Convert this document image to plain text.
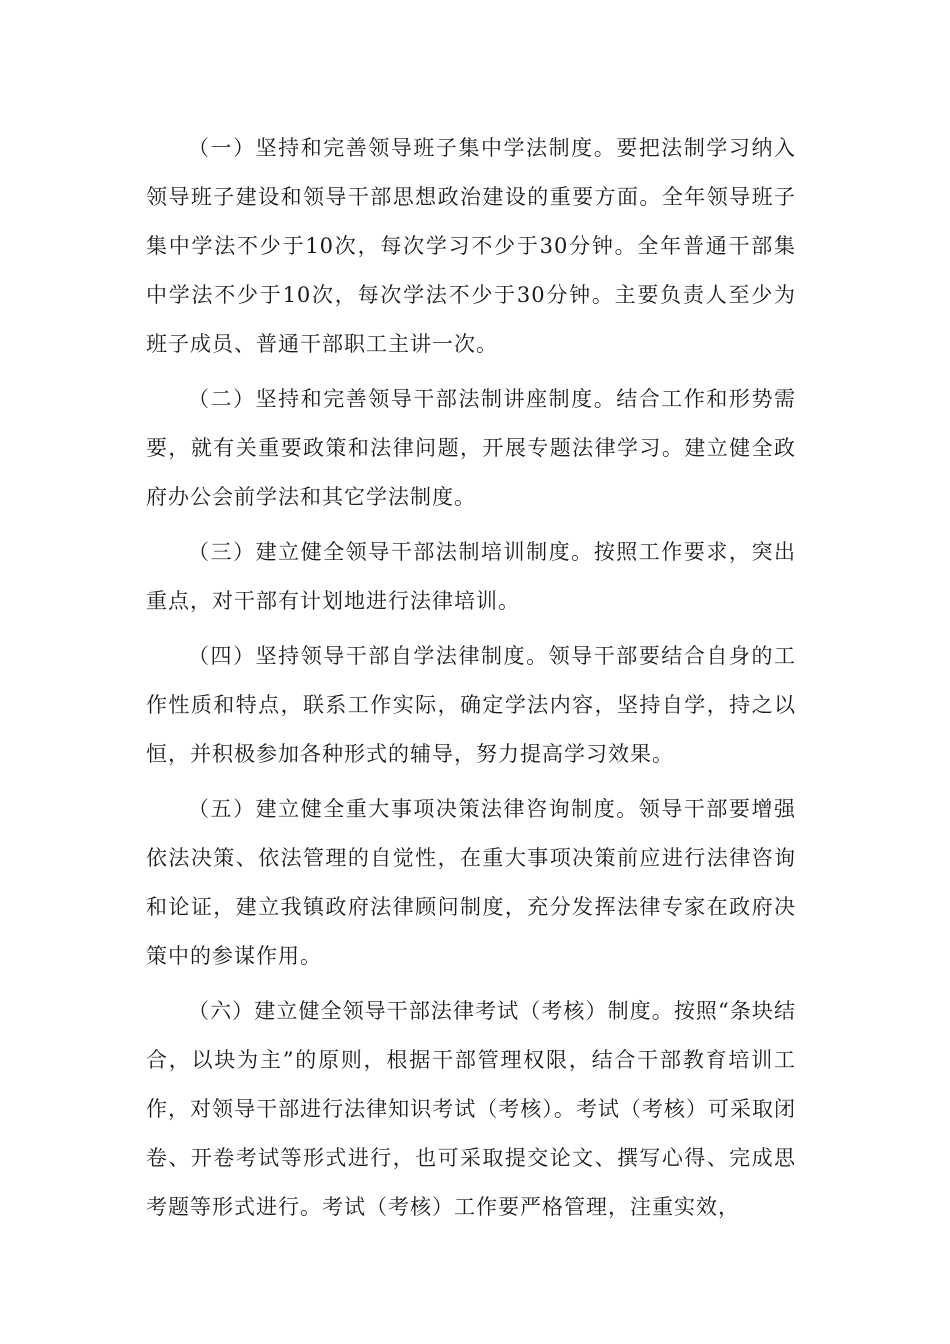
（一）坚持和完善领导班子集中学法制度。要把法制学习纳入领导班子建设和领导干部思想政治建设的重要方面。全年领导班子集中学法不少于10次，每次学习不少于30分钟。全年普通干部集中学法不少于10次，每次学法不少于30分钟。主要负责人至少为班子成员、普通干部职工主讲一次。

（二）坚持和完善领导干部法制讲座制度。结合工作和形势需要，就有关重要政策和法律问题，开展专题法律学习。建立健全政府办公会前学法和其它学法制度。

（三）建立健全领导干部法制培训制度。按照工作要求，突出重点，对干部有计划地进行法律培训。

（四）坚持领导干部自学法律制度。领导干部要结合自身的工作性质和特点，联系工作实际，确定学法内容，坚持自学，持之以恒，并积极参加各种形式的辅导，努力提高学习效果。

（五）建立健全重大事项决策法律咨询制度。领导干部要增强依法决策、依法管理的自觉性，在重大事项决策前应进行法律咨询和论证，建立我镇政府法律顾问制度，充分发挥法律专家在政府决策中的参谋作用。

（六）建立健全领导干部法律考试（考核）制度。按照“条块结合，以块为主”的原则，根据干部管理权限，结合干部教育培训工作，对领导干部进行法律知识考试（考核）。考试（考核）可采取闭卷、开卷考试等形式进行，也可采取提交论文、撰写心得、完成思考题等形式进行。考试（考核）工作要严格管理，注重实效，
